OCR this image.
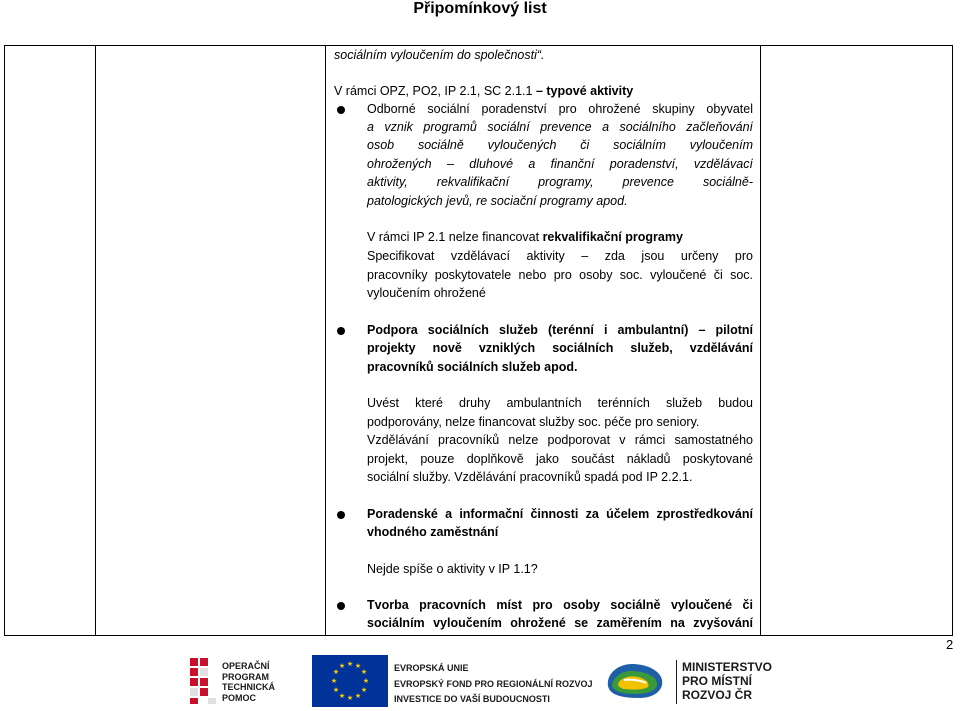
Připomínkový list
sociálním vyloučením do společnosti“.
V rámci OPZ, PO2, IP 2.1, SC 2.1.1 – typové aktivity
Odborné sociální poradenství pro ohrožené skupiny obyvatel
a vznik programů sociální prevence a sociálního začleňování
osob sociálně vyloučených či sociálním vyloučením
ohrožených – dluhové a finanční poradenství, vzdělávací
aktivity, rekvalifikační programy, prevence sociálně-
patologických jevů, re sociační programy apod.
V rámci IP 2.1 nelze financovat rekvalifikační programy
Specifikovat vzdělávací aktivity – zda jsou určeny pro
pracovníky poskytovatele nebo pro osoby soc. vyloučené či soc.
vyloučením ohrožené
Podpora sociálních služeb (terénní i ambulantní) – pilotní
projekty nově vzniklých sociálních služeb, vzdělávání
pracovníků sociálních služeb apod.
Uvést které druhy ambulantních terénních služeb budou
podporovány, nelze financovat služby soc. péče pro seniory.
Vzdělávání pracovníků nelze podporovat v rámci samostatného
projekt, pouze doplňkově jako součást nákladů poskytované
sociální služby. Vzdělávání pracovníků spadá pod IP 2.2.1.
Poradenské a informační činnosti za účelem zprostředkování
vhodného zaměstnání
Nejde spíše o aktivity v IP 1.1?
Tvorba pracovních míst pro osoby sociálně vyloučené či
sociálním vyloučením ohrožené se zaměřením na zvyšování
2
OPERAČNÍ
PROGRAM
TECHNICKÁ
POMOC
★ ★
★
★
★
★
★
★
★
★
★
★	EVROPSKÁ UNIE
EVROPSKÝ FOND PRO REGIONÁLNÍ ROZVOJ
INVESTICE DO VAŠÍ BUDOUCNOSTI
MINISTERSTVO
PRO MÍSTNÍ
ROZVOJ ČR
